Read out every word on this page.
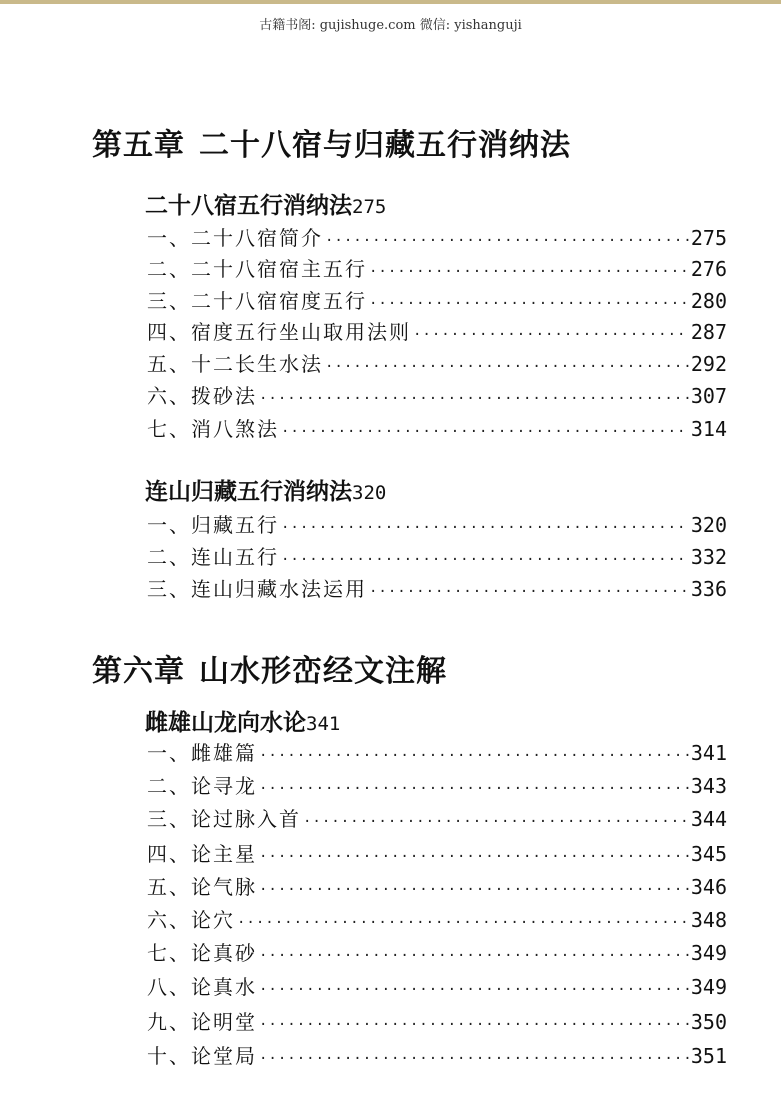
古籍书阁: gujishuge.com 微信: yishanguji
第五章 二十八宿与归藏五行消纳法
二十八宿五行消纳法275
一、二十八宿简介 ·····	275
二、二十八宿宿主五行 ·····	276
三、二十八宿宿度五行 ·····	280
四、宿度五行坐山取用法则 ·····	287
五、十二长生水法 ·····	292
六、拨砂法 ·····	307
七、消八煞法 ·····	314
连山归藏五行消纳法320
一、归藏五行 ·····	320
二、连山五行 ·····	332
三、连山归藏水法运用 ·····	336
第六章 山水形峦经文注解
雌雄山龙向水论341
一、雌雄篇 ·····	341
二、论寻龙 ·····	343
三、论过脉入首 ·····	344
四、论主星 ·····	345
五、论气脉 ·····	346
六、论穴 ·····	348
七、论真砂 ·····	349
八、论真水 ·····	349
九、论明堂 ·····	350
十、论堂局 ·····	351
